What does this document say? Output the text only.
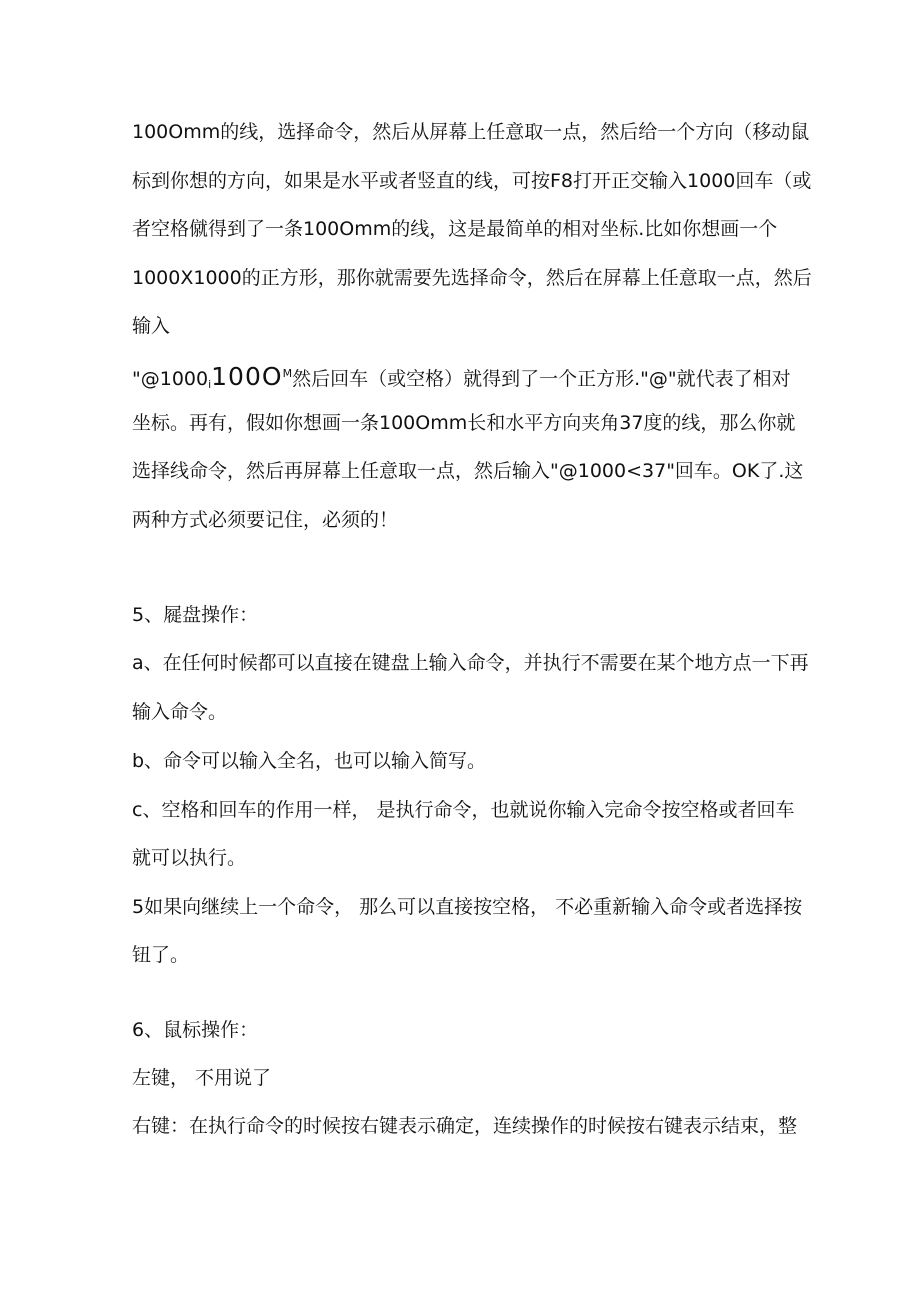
100Omm的线，选择命令，然后从屏幕上任意取一点，然后给一个方向（移动鼠
标到你想的方向，如果是水平或者竖直的线，可按F8打开正交输入1000回车（或
者空格僦得到了一条100Omm的线，这是最简单的相对坐标.比如你想画一个
1000X1000的正方形，那你就需要先选择命令，然后在屏幕上任意取一点，然后
输入
"$@1000_i100O^M$然后回车（或空格）就得到了一个正方形."@"就代表了相对
坐标。再有，假如你想画一条100Omm长和水平方向夹角37度的线，那么你就
选择线命令，然后再屏幕上任意取一点，然后输入"@1000<37"回车。OK了.这
两种方式必须要记住，必须的！
5、屣盘操作：
a、在任何时候都可以直接在键盘上输入命令，并执行不需要在某个地方点一下再
输入命令。
b、命令可以输入全名，也可以输入简写。
c、空格和回车的作用一样， 是执行命令，也就说你输入完命令按空格或者回车
就可以执行。
5如果向继续上一个命令， 那么可以直接按空格， 不必重新输入命令或者选择按
钮了。
6、鼠标操作：
左键， 不用说了
右键：在执行命令的时候按右键表示确定，连续操作的时候按右键表示结束，整
